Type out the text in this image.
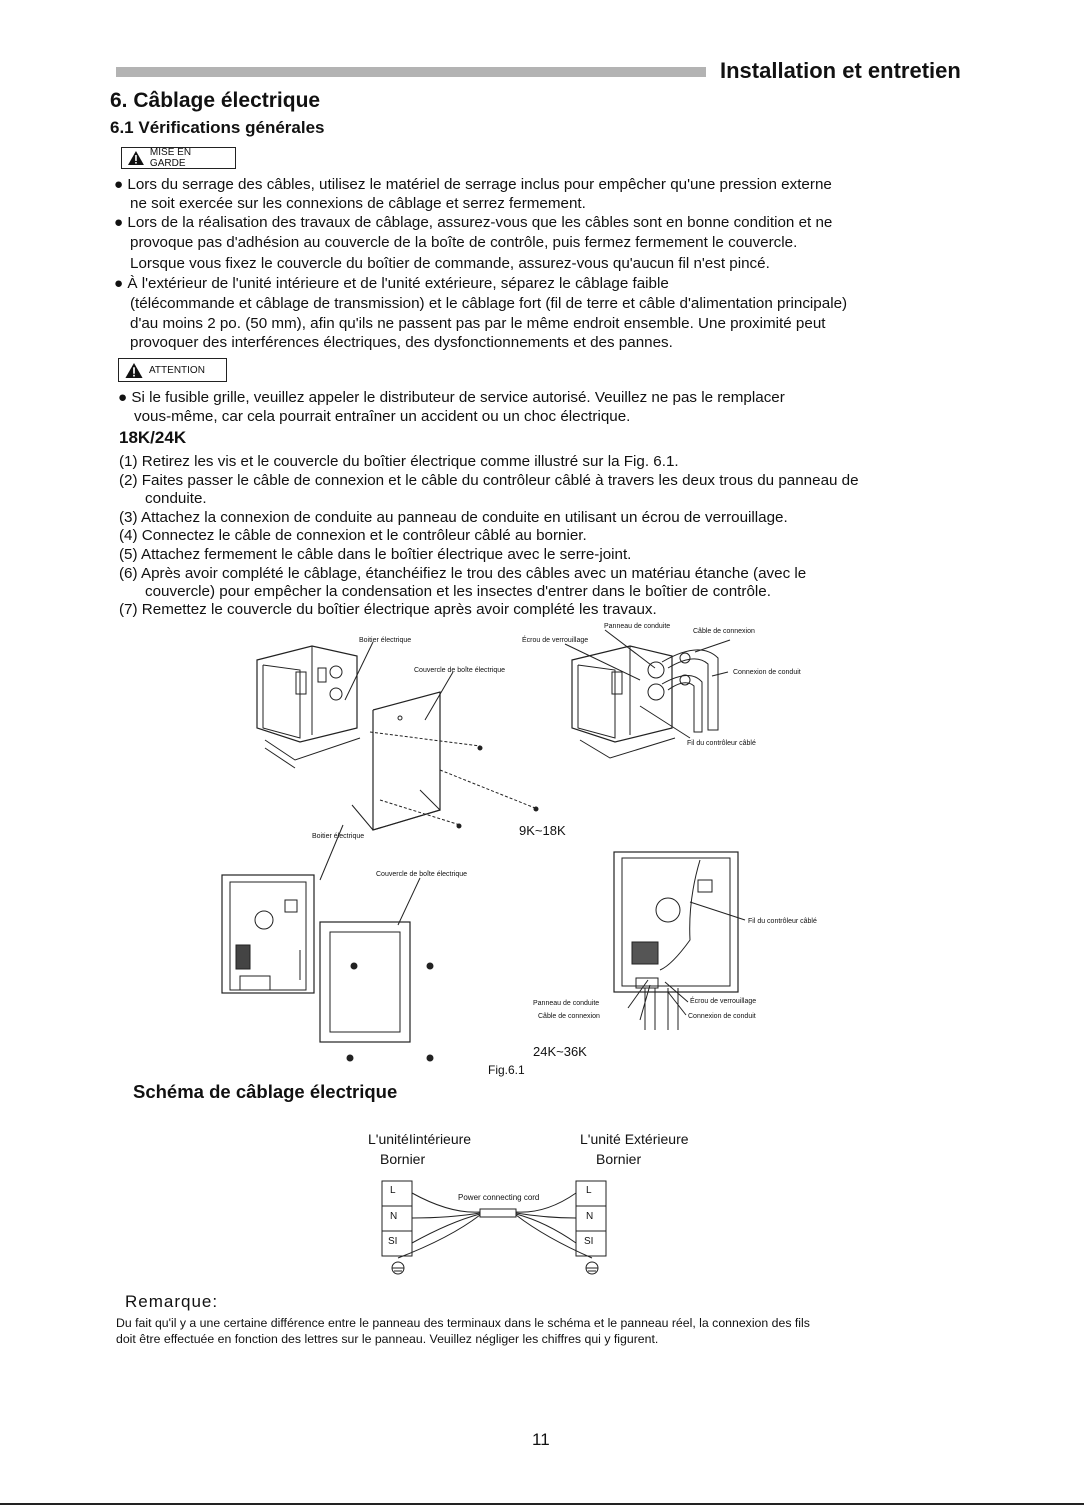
Installation et entretien
6. Câblage électrique
6.1 Vérifications générales
MISE EN GARDE
● Lors du serrage des câbles, utilisez le matériel de serrage inclus pour empêcher qu'une pression externe
ne soit exercée sur les connexions de câblage et serrez fermement.
● Lors de la réalisation des travaux de câblage, assurez-vous que les câbles sont en bonne condition et ne
provoque pas d'adhésion au couvercle de la boîte de contrôle, puis fermez fermement le couvercle.
Lorsque vous fixez le couvercle du boîtier de commande, assurez-vous qu'aucun fil n'est pincé.
● À l'extérieur de l'unité intérieure et de l'unité extérieure, séparez le câblage faible
(télécommande et câblage de transmission) et le câblage fort (fil de terre et câble d'alimentation principale)
d'au moins 2 po. (50 mm), afin qu'ils ne passent pas par le même endroit ensemble. Une proximité peut
provoquer des interférences électriques, des dysfonctionnements et des pannes.
ATTENTION
● Si le fusible grille, veuillez appeler le distributeur de service autorisé. Veuillez ne pas le remplacer
vous-même, car cela pourrait entraîner un accident ou un choc électrique.
18K/24K
(1) Retirez les vis et le couvercle du boîtier électrique comme illustré sur la Fig. 6.1.
(2) Faites passer le câble de connexion et le câble du contrôleur câblé à travers les deux trous du panneau de
conduite.
(3) Attachez la connexion de conduite au panneau de conduite en utilisant un écrou de verrouillage.
(4) Connectez le câble de connexion et le contrôleur câblé au bornier.
(5) Attachez fermement le câble dans le boîtier électrique avec le serre-joint.
(6) Après avoir complété le câblage, étanchéifiez le trou des câbles avec un matériau étanche (avec le
couvercle) pour empêcher la condensation et les insectes d'entrer dans le boîtier de contrôle.
(7) Remettez le couvercle du boîtier électrique après avoir complété les travaux.
Boitier électrique
Couvercle de boîte électrique
Panneau de conduite
Écrou de verrouillage
Câble de connexion
Connexion de conduit
Fil du contrôleur câblé
9K~18K
Boitier électrique
Couvercle de boîte électrique
Fil du contrôleur câblé
Panneau de conduite
Câble de connexion
Écrou de verrouillage
Connexion de conduit
24K~36K
Fig.6.1
Schéma de câblage électrique
L'unitéIintérieure
Bornier
L'unité Extérieure
Bornier
L
N
SI
L
N
SI
Power connecting cord
Remarque:
Du fait qu'il y a une certaine différence entre le panneau des terminaux dans le schéma et le panneau réel, la connexion des fils
doit être effectuée en fonction des lettres sur le panneau. Veuillez négliger les chiffres qui y figurent.
11
